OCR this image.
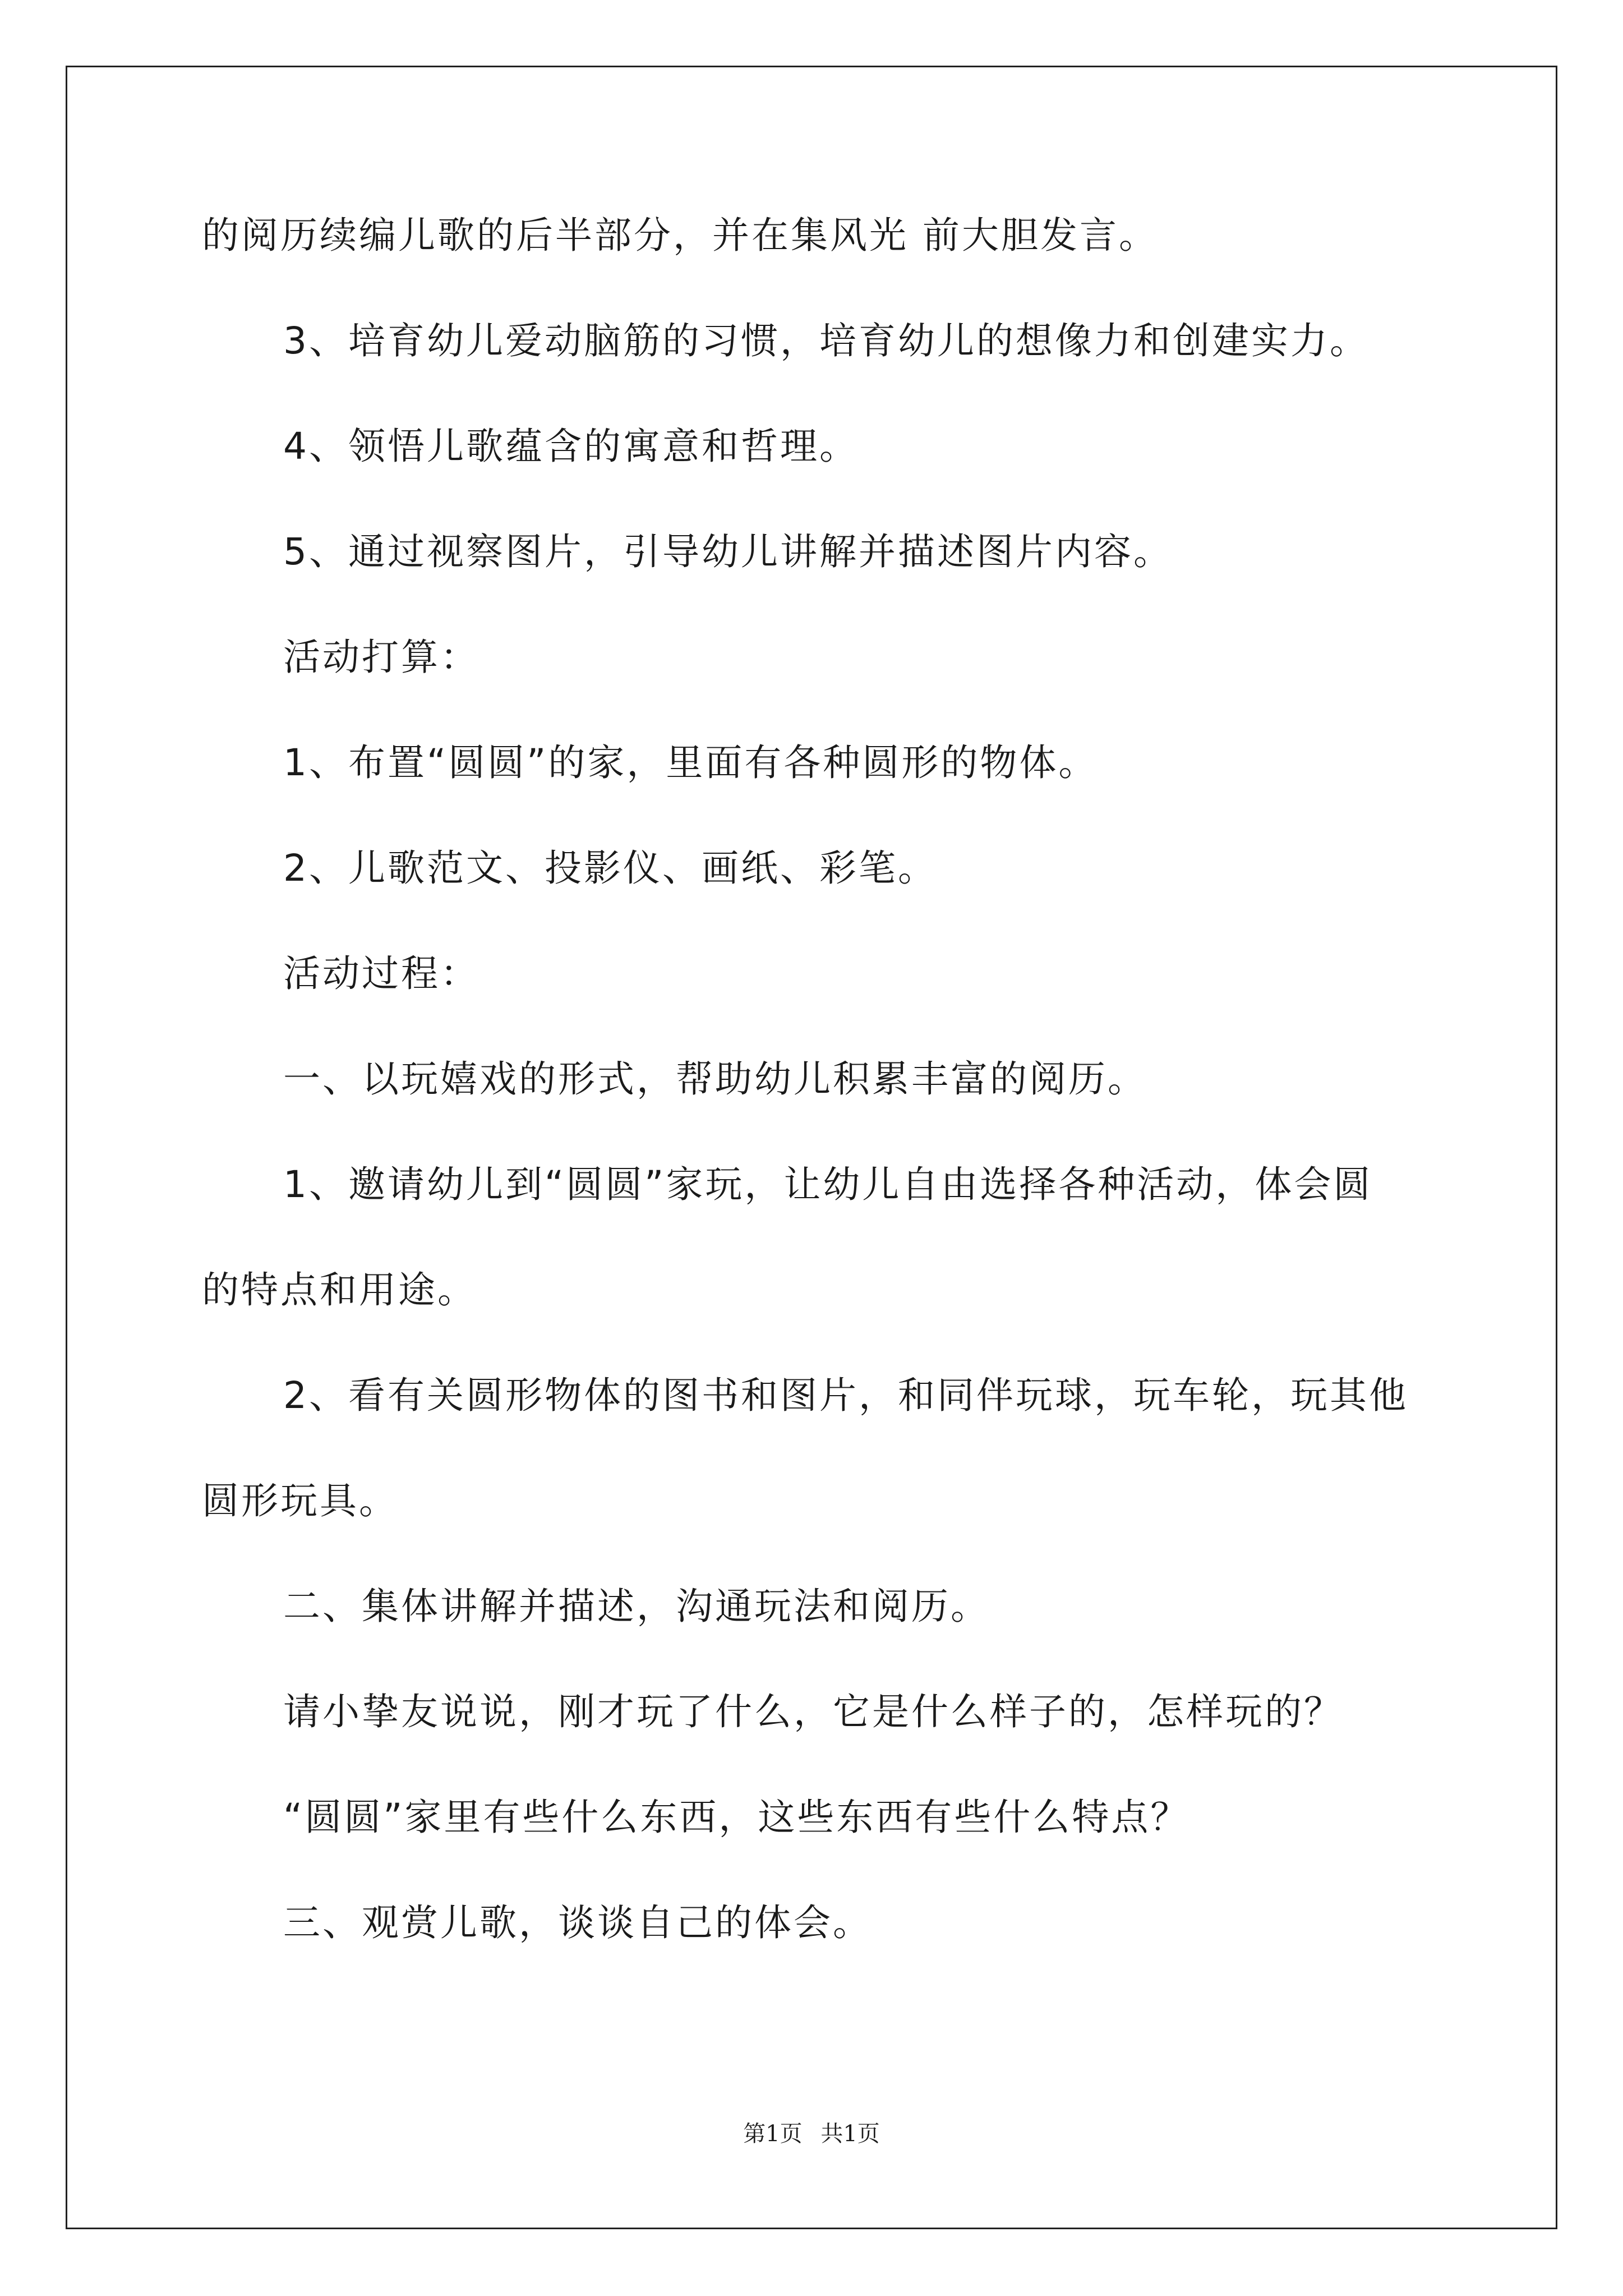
的阅历续编儿歌的后半部分，并在集风光 前大胆发言。
3、培育幼儿爱动脑筋的习惯，培育幼儿的想像力和创建实力。
4、领悟儿歌蕴含的寓意和哲理。
5、通过视察图片，引导幼儿讲解并描述图片内容。
活动打算：
1、布置“圆圆”的家，里面有各种圆形的物体。
2、儿歌范文、投影仪、画纸、彩笔。
活动过程：
一、以玩嬉戏的形式，帮助幼儿积累丰富的阅历。
1、邀请幼儿到“圆圆”家玩，让幼儿自由选择各种活动，体会圆
的特点和用途。
2、看有关圆形物体的图书和图片，和同伴玩球，玩车轮，玩其他
圆形玩具。
二、集体讲解并描述，沟通玩法和阅历。
请小挚友说说，刚才玩了什么，它是什么样子的，怎样玩的？
“圆圆”家里有些什么东西，这些东西有些什么特点？
三、观赏儿歌，谈谈自己的体会。
第1页 共1页
